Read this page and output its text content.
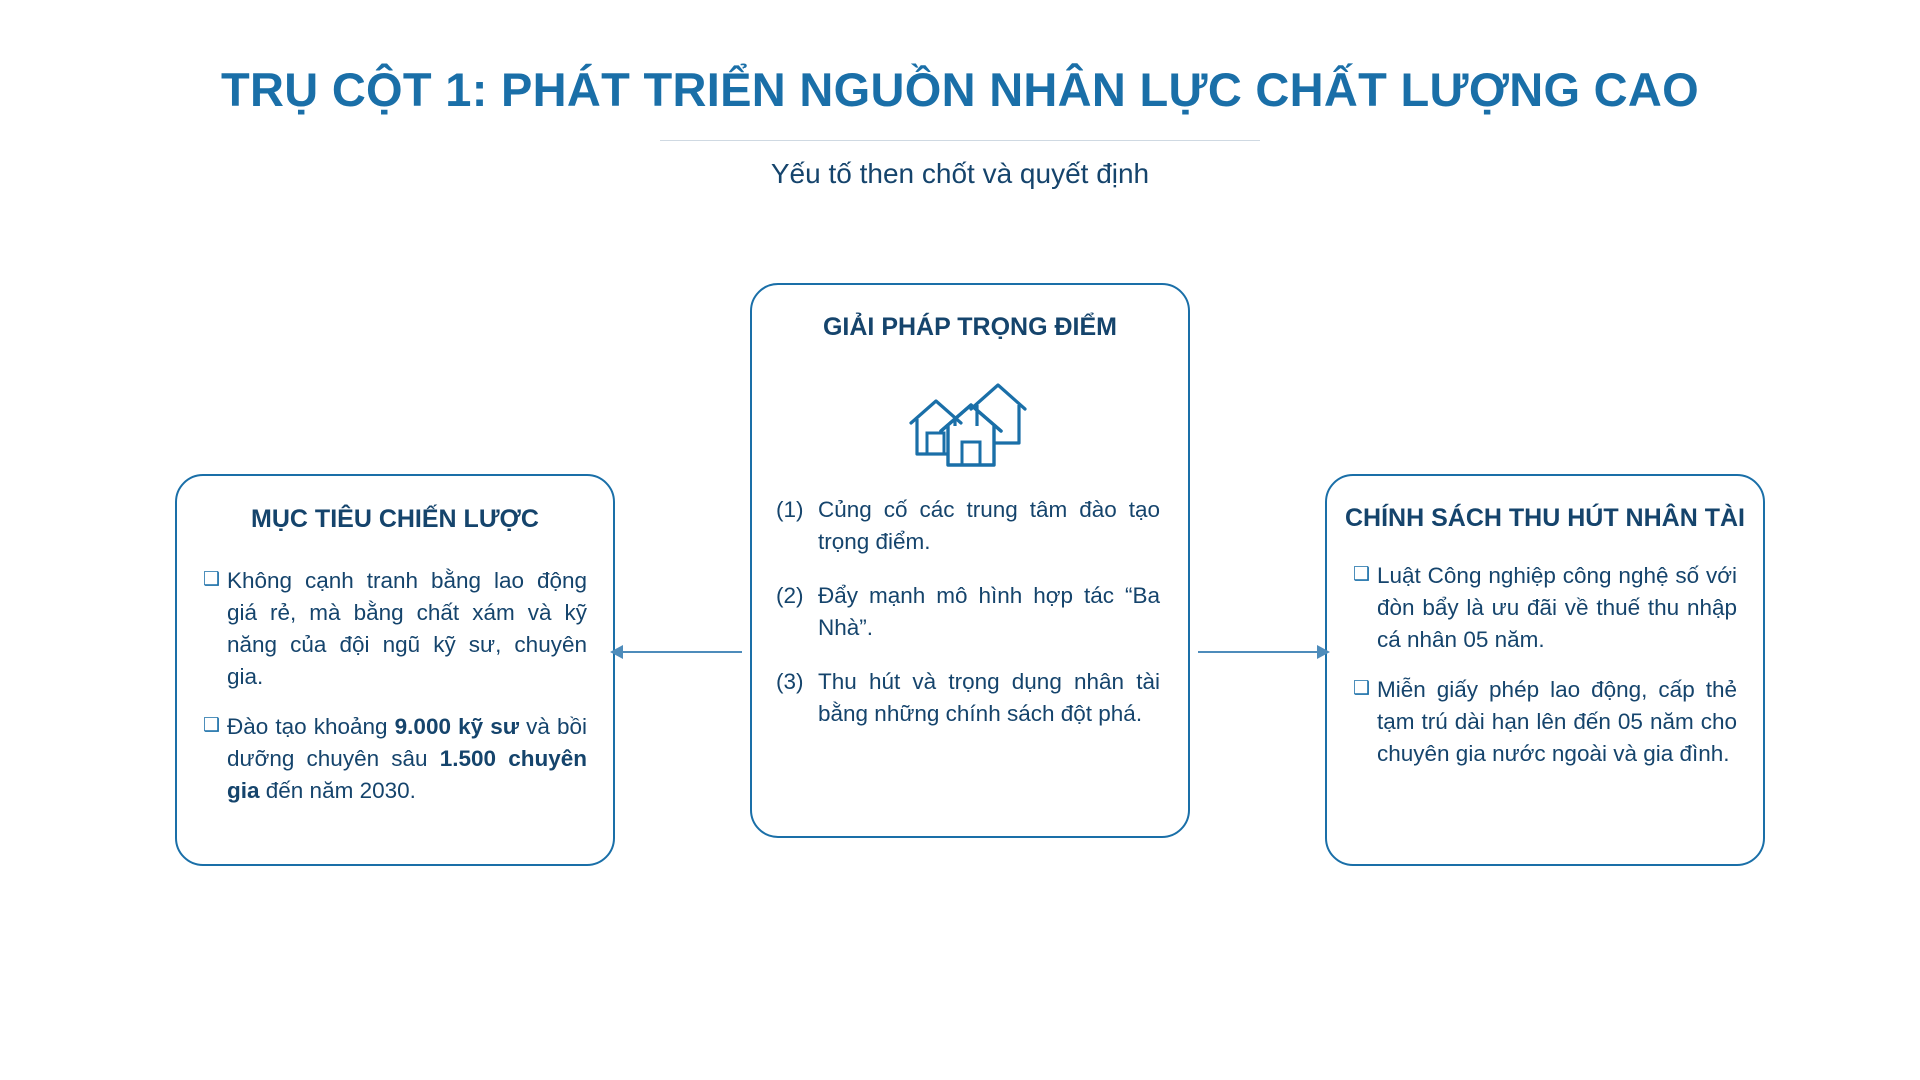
TRỤ CỘT 1: PHÁT TRIỂN NGUỒN NHÂN LỰC CHẤT LƯỢNG CAO
Yếu tố then chốt và quyết định
MỤC TIÊU CHIẾN LƯỢC
❑ Không cạnh tranh bằng lao động giá rẻ, mà bằng chất xám và kỹ năng của đội ngũ kỹ sư, chuyên gia.
❑ Đào tạo khoảng 9.000 kỹ sư và bồi dưỡng chuyên sâu 1.500 chuyên gia đến năm 2030.
GIẢI PHÁP TRỌNG ĐIỂM
(1) Củng cố các trung tâm đào tạo trọng điểm.
(2) Đẩy mạnh mô hình hợp tác “Ba Nhà”.
(3) Thu hút và trọng dụng nhân tài bằng những chính sách đột phá.
CHÍNH SÁCH THU HÚT NHÂN TÀI
❑ Luật Công nghiệp công nghệ số với đòn bẩy là ưu đãi về thuế thu nhập cá nhân 05 năm.
❑ Miễn giấy phép lao động, cấp thẻ tạm trú dài hạn lên đến 05 năm cho chuyên gia nước ngoài và gia đình.
